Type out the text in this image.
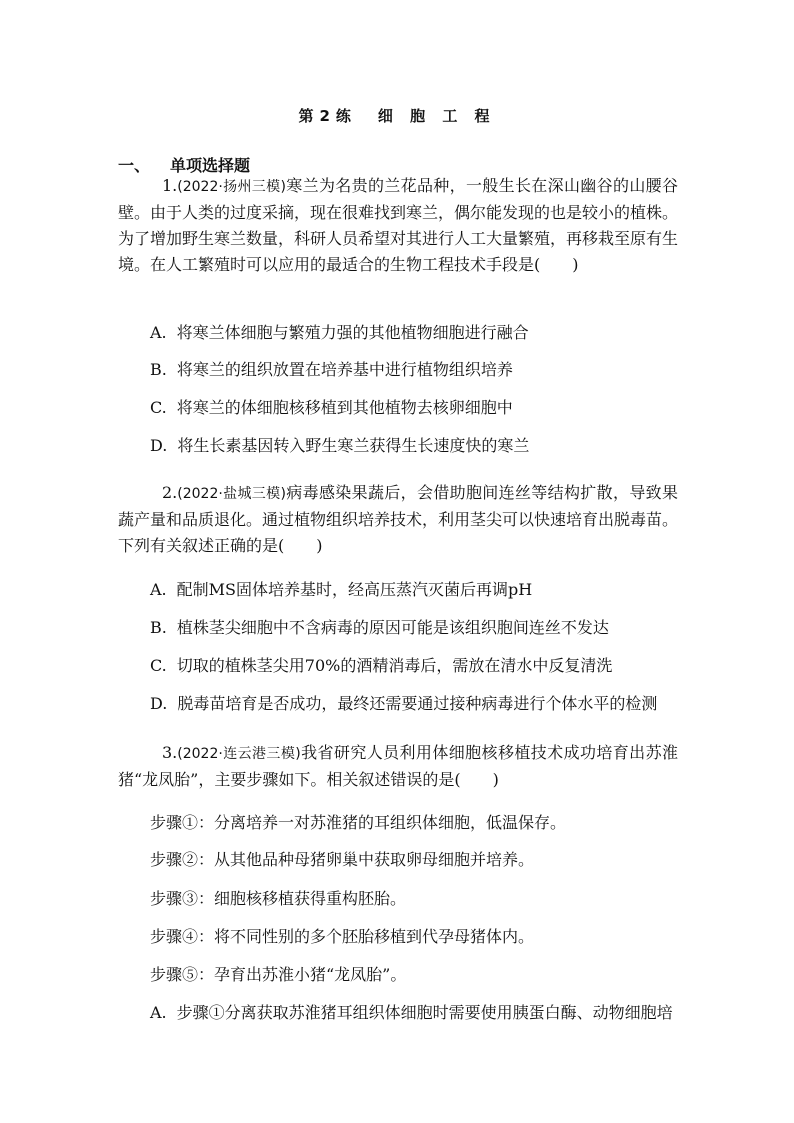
第2练　细 胞 工 程
一、 单项选择题
1.(2022·扬州三模)寒兰为名贵的兰花品种，一般生长在深山幽谷的山腰谷壁。由于人类的过度采摘，现在很难找到寒兰，偶尔能发现的也是较小的植株。为了增加野生寒兰数量，科研人员希望对其进行人工大量繁殖，再移栽至原有生境。在人工繁殖时可以应用的最适合的生物工程技术手段是(　　)
A. 将寒兰体细胞与繁殖力强的其他植物细胞进行融合
B. 将寒兰的组织放置在培养基中进行植物组织培养
C. 将寒兰的体细胞核移植到其他植物去核卵细胞中
D. 将生长素基因转入野生寒兰获得生长速度快的寒兰
2.(2022·盐城三模)病毒感染果蔬后，会借助胞间连丝等结构扩散，导致果蔬产量和品质退化。通过植物组织培养技术，利用茎尖可以快速培育出脱毒苗。下列有关叙述正确的是(　　)
A. 配制MS固体培养基时，经高压蒸汽灭菌后再调pH
B. 植株茎尖细胞中不含病毒的原因可能是该组织胞间连丝不发达
C. 切取的植株茎尖用70%的酒精消毒后，需放在清水中反复清洗
D. 脱毒苗培育是否成功，最终还需要通过接种病毒进行个体水平的检测
3.(2022·连云港三模)我省研究人员利用体细胞核移植技术成功培育出苏淮猪“龙凤胎”，主要步骤如下。相关叙述错误的是(　　)
步骤①：分离培养一对苏淮猪的耳组织体细胞，低温保存。
步骤②：从其他品种母猪卵巢中获取卵母细胞并培养。
步骤③：细胞核移植获得重构胚胎。
步骤④：将不同性别的多个胚胎移植到代孕母猪体内。
步骤⑤：孕育出苏淮小猪“龙凤胎”。
A. 步骤①分离获取苏淮猪耳组织体细胞时需要使用胰蛋白酶、动物细胞培
